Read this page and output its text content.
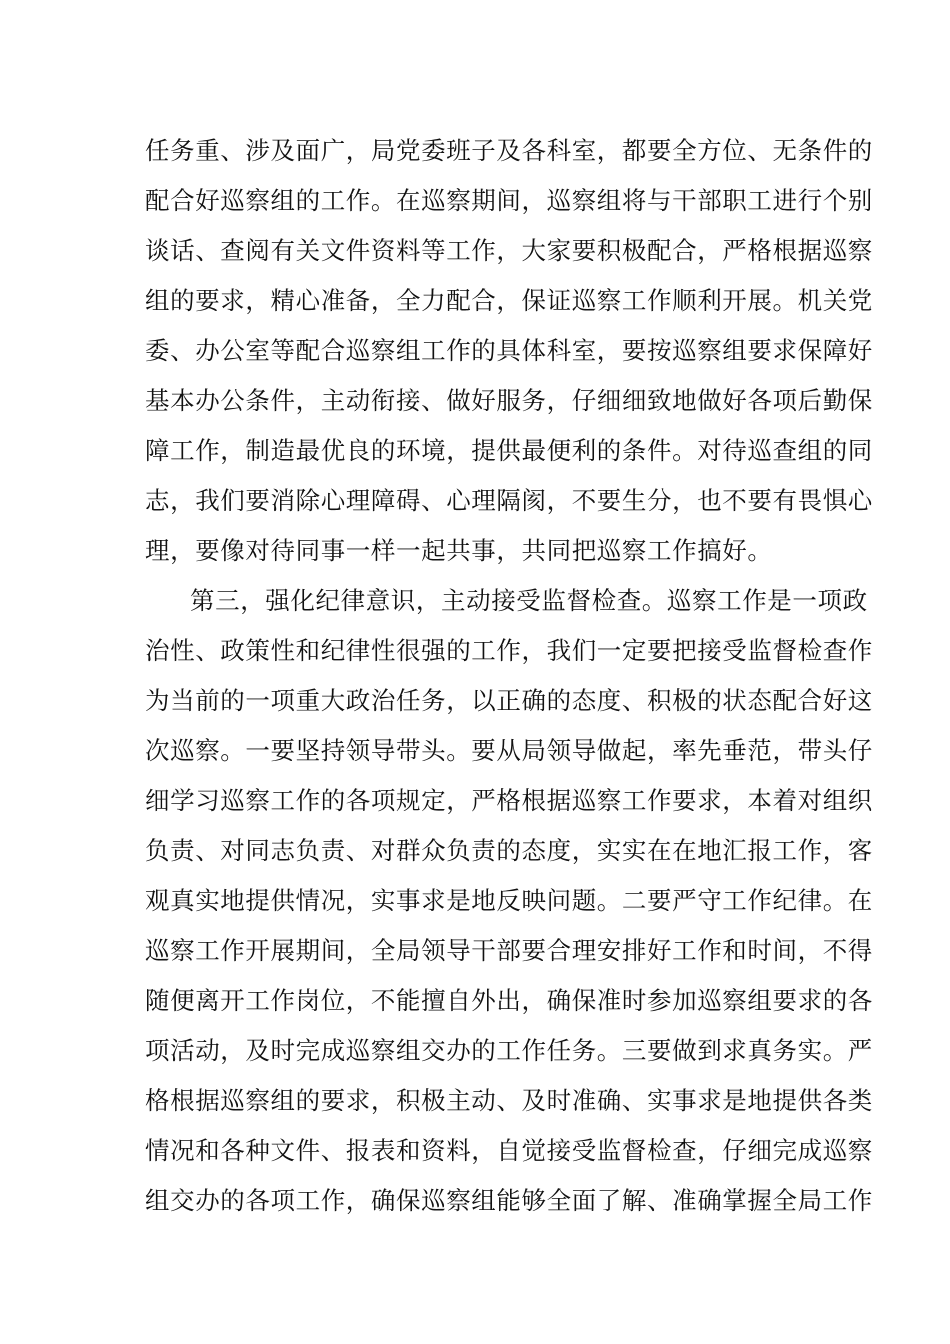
任务重、涉及面广，局党委班子及各科室，都要全方位、无条件的
配合好巡察组的工作。在巡察期间，巡察组将与干部职工进行个别
谈话、查阅有关文件资料等工作，大家要积极配合，严格根据巡察
组的要求，精心准备，全力配合，保证巡察工作顺利开展。机关党
委、办公室等配合巡察组工作的具体科室，要按巡察组要求保障好
基本办公条件，主动衔接、做好服务，仔细细致地做好各项后勤保
障工作，制造最优良的环境，提供最便利的条件。对待巡查组的同
志，我们要消除心理障碍、心理隔阂，不要生分，也不要有畏惧心
理，要像对待同事一样一起共事，共同把巡察工作搞好。
第三，强化纪律意识，主动接受监督检查。巡察工作是一项政
治性、政策性和纪律性很强的工作，我们一定要把接受监督检查作
为当前的一项重大政治任务，以正确的态度、积极的状态配合好这
次巡察。一要坚持领导带头。要从局领导做起，率先垂范，带头仔
细学习巡察工作的各项规定，严格根据巡察工作要求，本着对组织
负责、对同志负责、对群众负责的态度，实实在在地汇报工作，客
观真实地提供情况，实事求是地反映问题。二要严守工作纪律。在
巡察工作开展期间，全局领导干部要合理安排好工作和时间，不得
随便离开工作岗位，不能擅自外出，确保准时参加巡察组要求的各
项活动，及时完成巡察组交办的工作任务。三要做到求真务实。严
格根据巡察组的要求，积极主动、及时准确、实事求是地提供各类
情况和各种文件、报表和资料，自觉接受监督检查，仔细完成巡察
组交办的各项工作，确保巡察组能够全面了解、准确掌握全局工作
